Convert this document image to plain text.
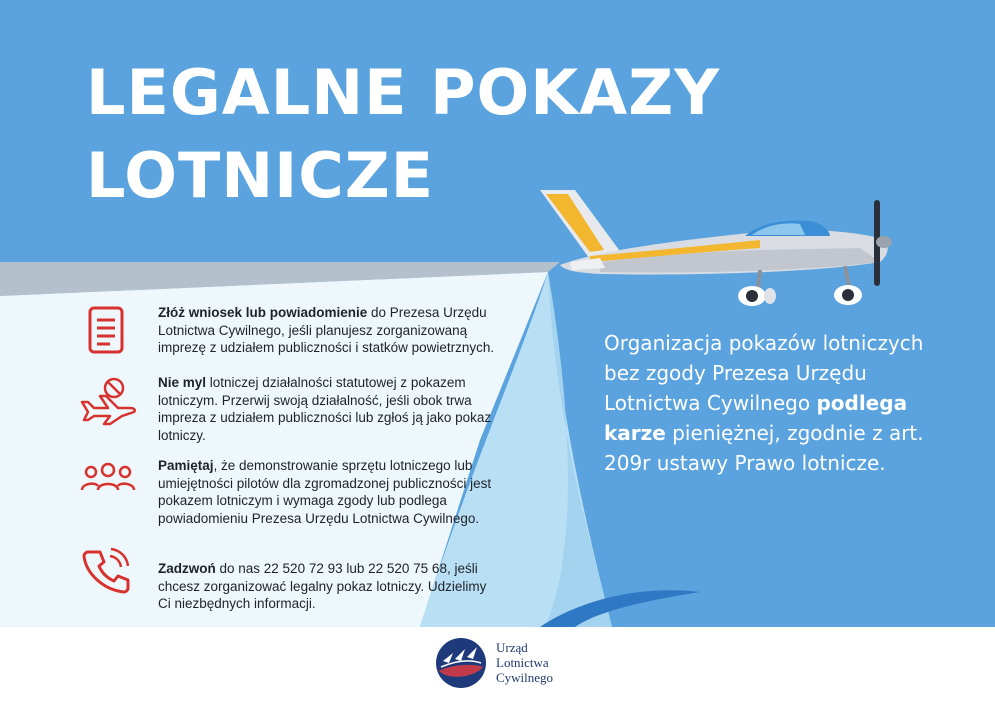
LEGALNE POKAZY
LOTNICZE
Złóż wniosek lub powiadomienie do Prezesa Urzędu Lotnictwa Cywilnego, jeśli planujesz zorganizowaną imprezę z udziałem publiczności i statków powietrznych.
Nie myl lotniczej działalności statutowej z pokazem lotniczym. Przerwij swoją działalność, jeśli obok trwa impreza z udziałem publiczności lub zgłoś ją jako pokaz lotniczy.
Pamiętaj, że demonstrowanie sprzętu lotniczego lub umiejętności pilotów dla zgromadzonej publiczności jest pokazem lotniczym i wymaga zgody lub podlega powiadomieniu Prezesa Urzędu Lotnictwa Cywilnego.
Zadzwoń do nas 22 520 72 93 lub 22 520 75 68, jeśli chcesz zorganizować legalny pokaz lotniczy. Udzielimy Ci niezbędnych informacji.
Organizacja pokazów lotniczych bez zgody Prezesa Urzędu Lotnictwa Cywilnego podlega karze pieniężnej, zgodnie z art. 209r ustawy Prawo lotnicze.
Urząd
Lotnictwa
Cywilnego
